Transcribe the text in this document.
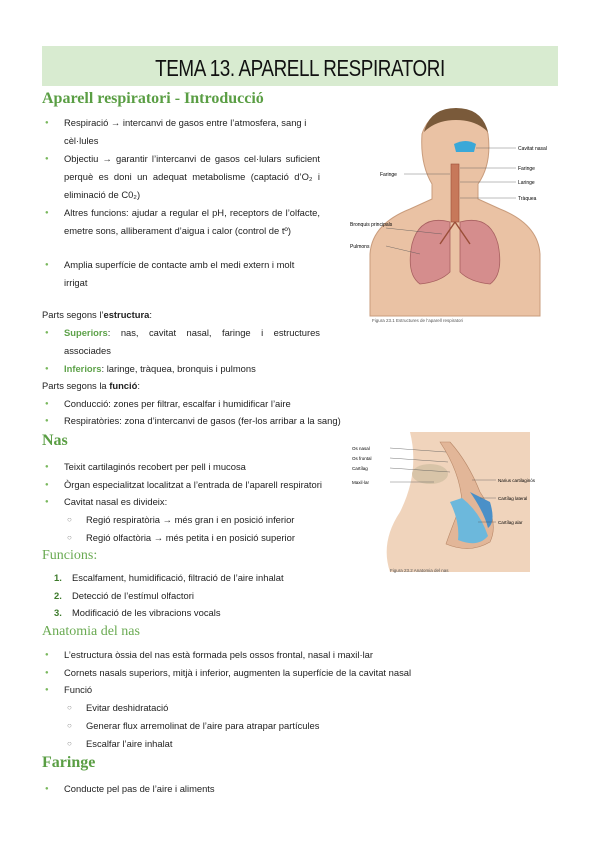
TEMA 13. APARELL RESPIRATORI
Aparell respiratori - Introducció
● Respiració → intercanvi de gasos entre l’atmosfera, sang i cèl·lules
● Objectiu → garantir l’intercanvi de gasos cel·lulars suficient perquè es doni un adequat metabolisme (captació d’O₂ i eliminació de C0₂)
● Altres funcions: ajudar a regular el pH, receptors de l’olfacte, emetre sons, alliberament d’aigua i calor (control de tº)
● Amplia superfície de contacte amb el medi extern i molt irrigat
Parts segons l’estructura:
● Superiors: nas, cavitat nasal, faringe i estructures associades
● Inferiors: laringe, tràquea, bronquis i pulmons
Parts segons la funció:
● Conducció: zones per filtrar, escalfar i humidificar l’aire
● Respiratòries: zona d’intercanvi de gasos (fer-los arribar a la sang)
Cavitat nasal
Faringe
Laringe
Tràquea
Faringe
Bronquis principals
Pulmons
Figura 23.1 Estructures de l’aparell respiratori
Nas
● Teixit cartilaginós recobert per pell i mucosa
● Òrgan especialitzat localitzat a l’entrada de l’aparell respiratori
● Cavitat nasal es divideix:
○ Regió respiratòria → més gran i en posició inferior
○ Regió olfactòria → més petita i en posició superior
Os nasal
Os frontal
Cartílag
Maxil·lar	Narius cartilaginós
Cartílag lateral
Cartílag alar
Figura 23.2 Anatomia del nas
Funcions:
1. Escalfament, humidificació, filtració de l’aire inhalat
2. Detecció de l’estímul olfactori
3. Modificació de les vibracions vocals
Anatomia del nas
● L’estructura òssia del nas està formada pels ossos frontal, nasal i maxil·lar
● Cornets nasals superiors, mitjà i inferior, augmenten la superfície de la cavitat nasal
● Funció
○ Evitar deshidratació
○ Generar flux arremolinat de l’aire para atrapar partícules
○ Escalfar l’aire inhalat
Faringe
● Conducte pel pas de l’aire i aliments
